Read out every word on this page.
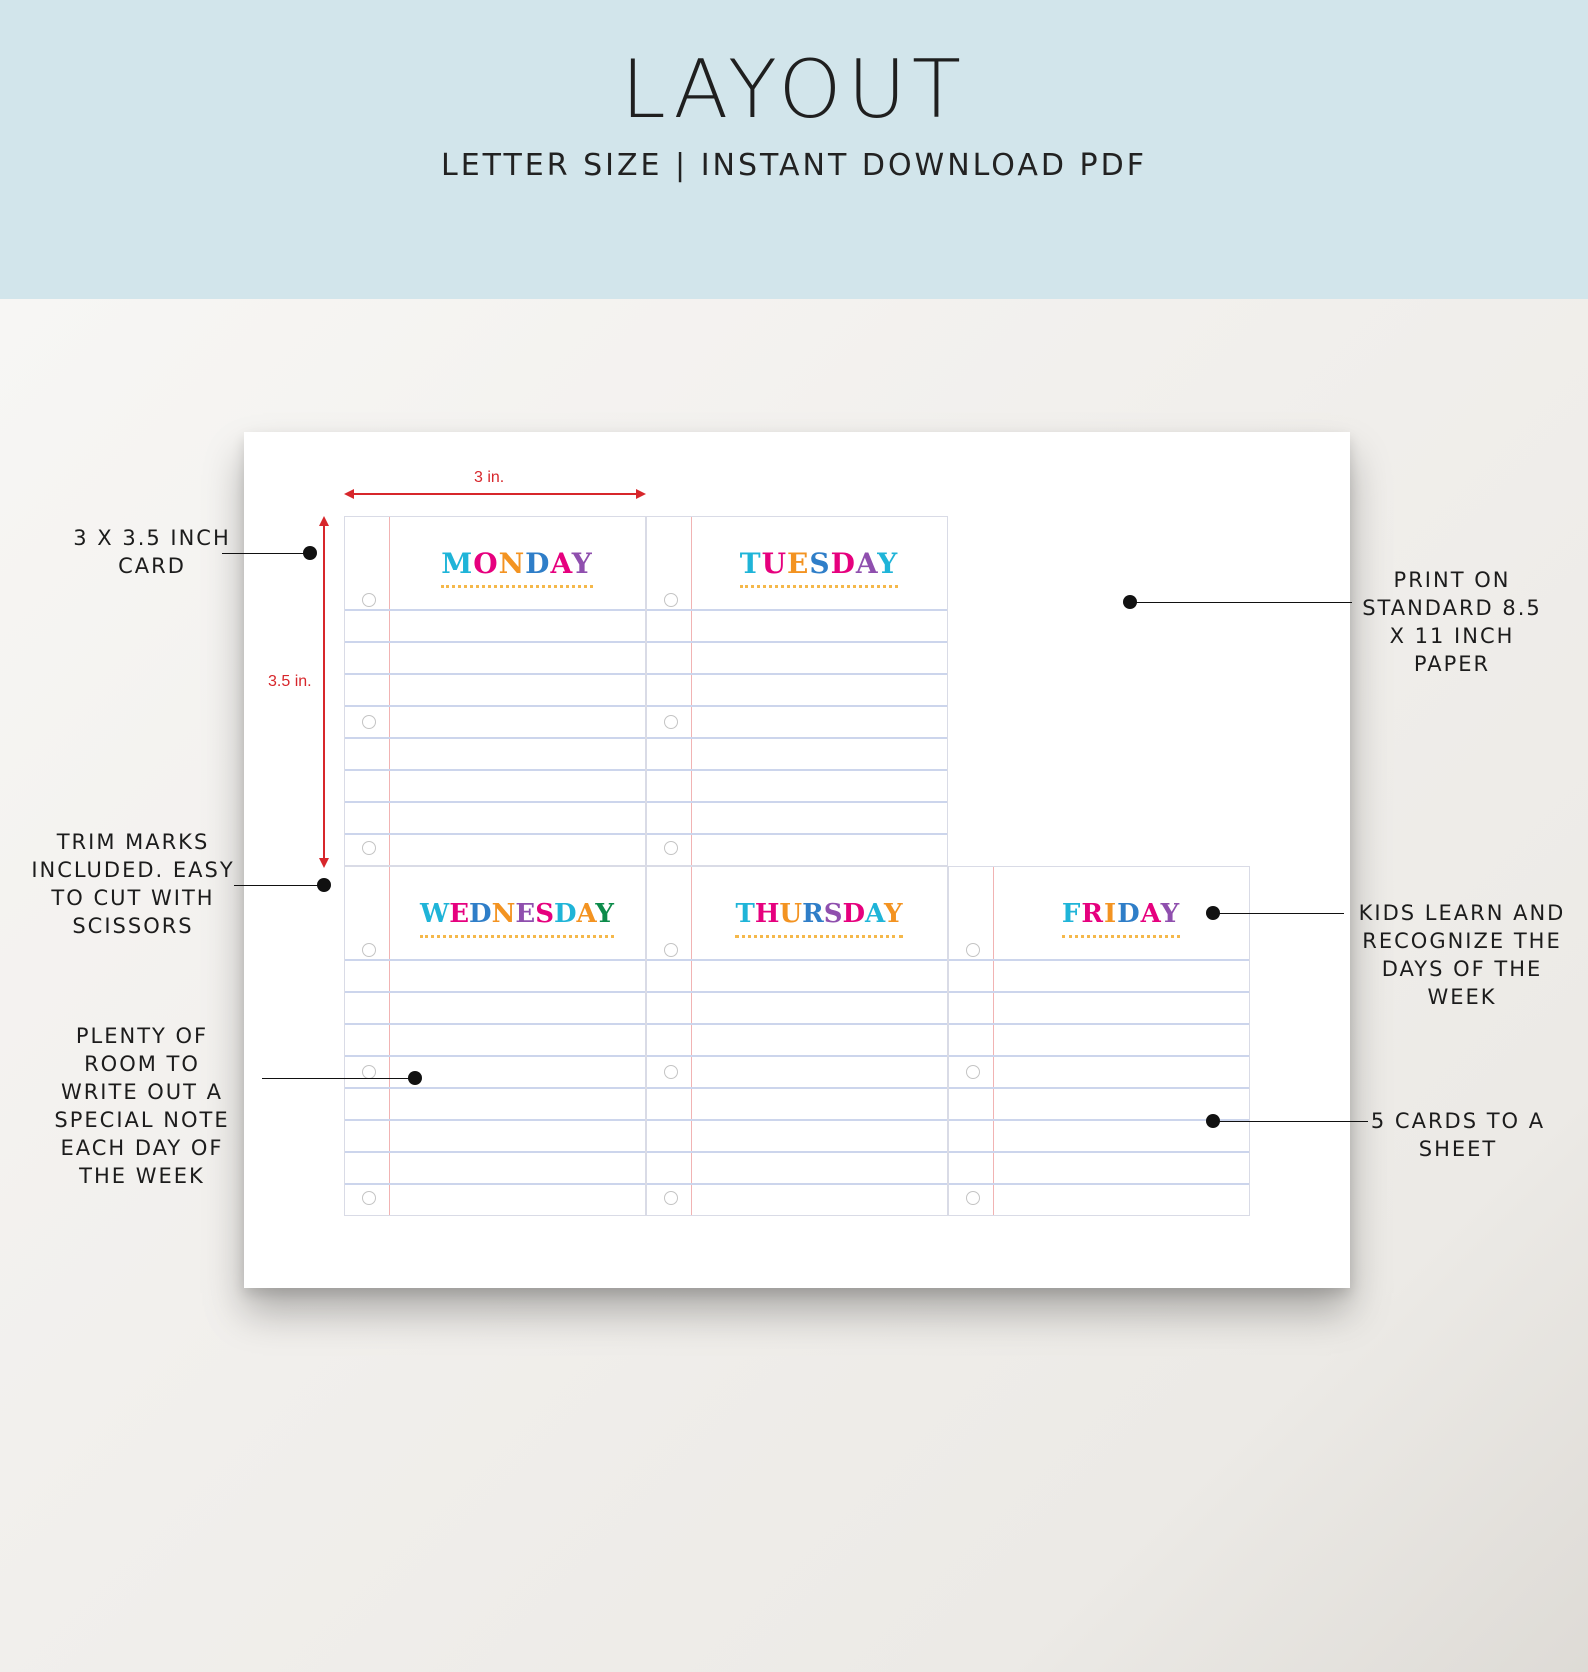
LAYOUT
LETTER SIZE | INSTANT DOWNLOAD PDF
MONDAY	TUESDAY
WEDNESDAY	THURSDAY	FRIDAY
3 in.
3.5 in.
3 X 3.5 INCH CARD
TRIM MARKS INCLUDED. EASY TO CUT WITH SCISSORS
PLENTY OF ROOM TO WRITE OUT A SPECIAL NOTE EACH DAY OF THE WEEK
PRINT ON STANDARD 8.5 X 11 INCH PAPER
KIDS LEARN AND RECOGNIZE THE DAYS OF THE WEEK
5 CARDS TO A SHEET
